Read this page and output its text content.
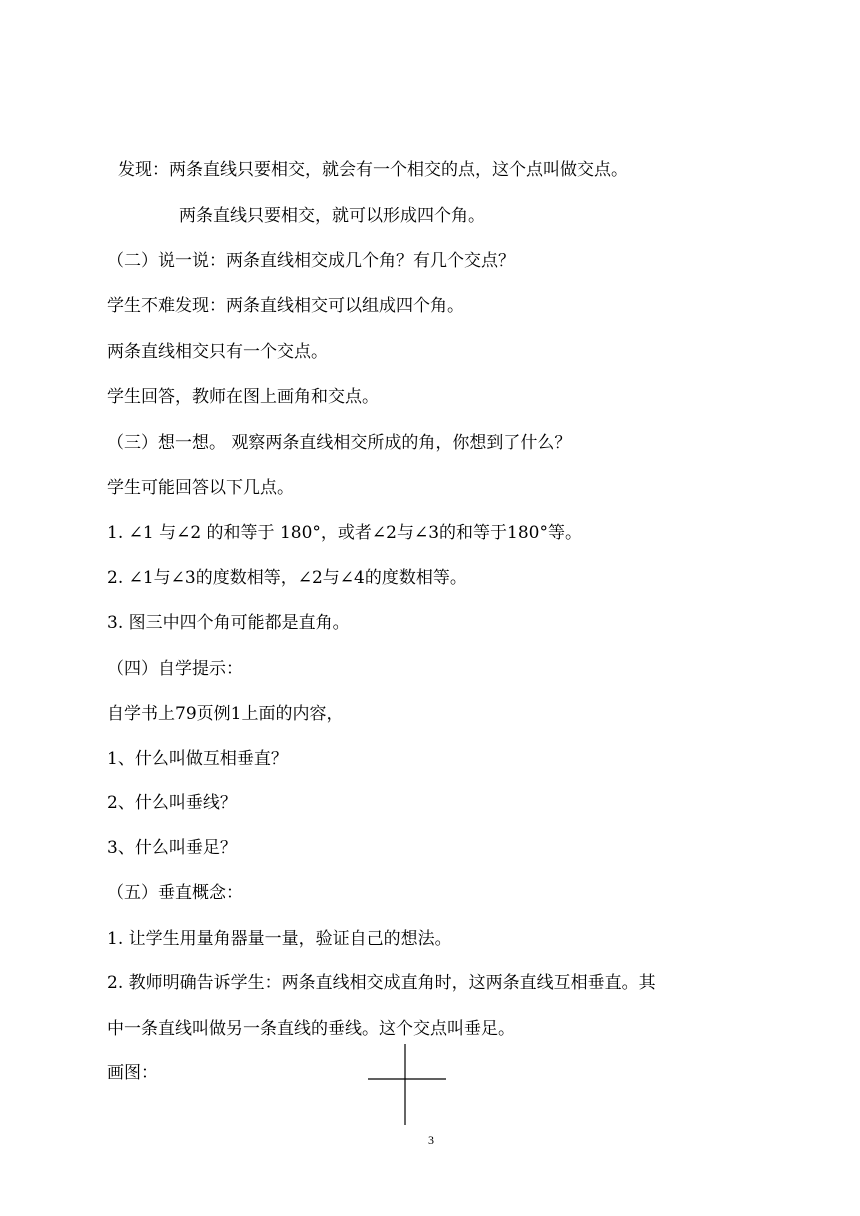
发现：两条直线只要相交，就会有一个相交的点，这个点叫做交点。

两条直线只要相交，就可以形成四个角。

（二）说一说：两条直线相交成几个角？有几个交点？

学生不难发现：两条直线相交可以组成四个角。

两条直线相交只有一个交点。

学生回答，教师在图上画角和交点。

（三）想一想。 观察两条直线相交所成的角，你想到了什么？

学生可能回答以下几点。

1. ∠1 与∠2 的和等于 180°，或者∠2与∠3的和等于180°等。

2. ∠1与∠3的度数相等，∠2与∠4的度数相等。

3. 图三中四个角可能都是直角。

（四）自学提示：

自学书上79页例1上面的内容，

1、什么叫做互相垂直？

2、什么叫垂线？

3、什么叫垂足？

（五）垂直概念：

1. 让学生用量角器量一量，验证自己的想法。

2. 教师明确告诉学生：两条直线相交成直角时，这两条直线互相垂直。其

中一条直线叫做另一条直线的垂线。这个交点叫垂足。

画图：

3
